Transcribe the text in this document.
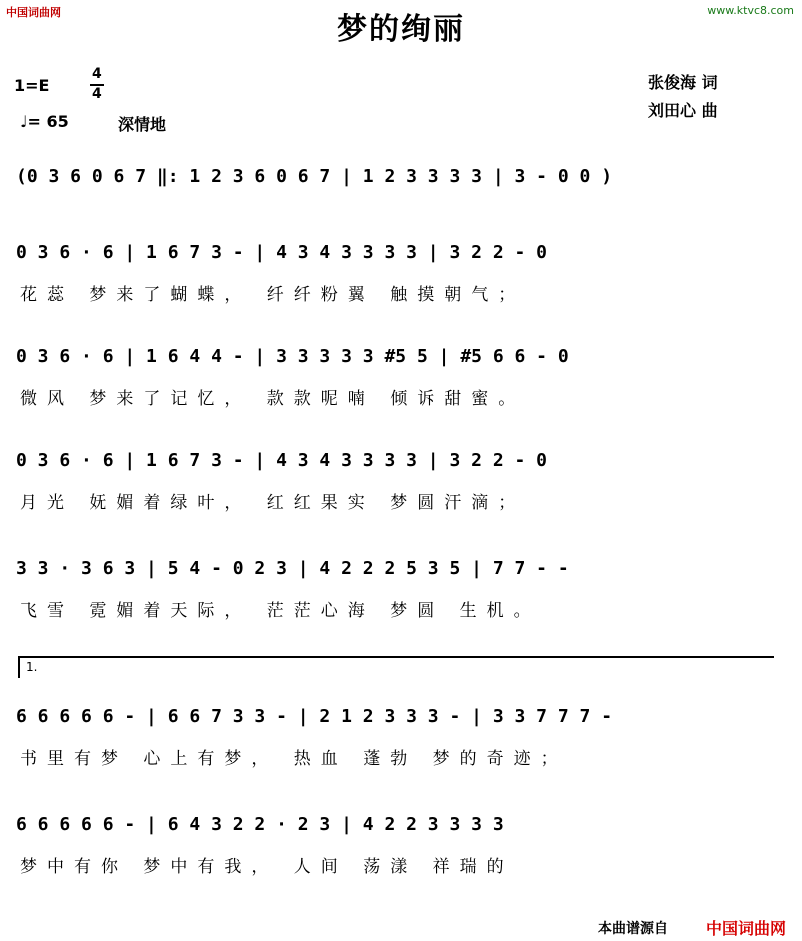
中国词曲网	www.ktvc8.com
梦的绚丽
1=E
4
4
♩= 65	深情地
张俊海 词
刘田心 曲
(0 3 6 0 6 7 ‖: 1 2 3 6 0 6 7 | 1 2 3 3 3 3 | 3 - 0 0 )
0 3 6 · 6 | 1 6 7 3 - | 4 3 4 3 3 3 3 | 3 2 2 - 0
花蕊 梦来了蝴蝶， 纤纤粉翼 触摸朝气；
0 3 6 · 6 | 1 6 4 4 - | 3 3 3 3 3 #5 5 | #5 6 6 - 0
微风 梦来了记忆， 款款呢喃 倾诉甜蜜。
0 3 6 · 6 | 1 6 7 3 - | 4 3 4 3 3 3 3 | 3 2 2 - 0
月光 妩媚着绿叶， 红红果实 梦圆汗滴；
3 3 · 3 6 3 | 5 4 - 0 2 3 | 4 2 2 2 5 3 5 | 7 7 - -
飞雪 霓媚着天际， 茫茫心海 梦圆 生机。
1.
6 6 6 6 6 - | 6 6 7 3 3 - | 2 1 2 3 3 3 - | 3 3 7 7 7 -
书里有梦 心上有梦， 热血 蓬勃 梦的奇迹；
6 6 6 6 6 - | 6 4 3 2 2 · 2 3 | 4 2 2 3 3 3 3
梦中有你 梦中有我， 人间 荡漾 祥瑞的
本曲谱源自 中国词曲网
